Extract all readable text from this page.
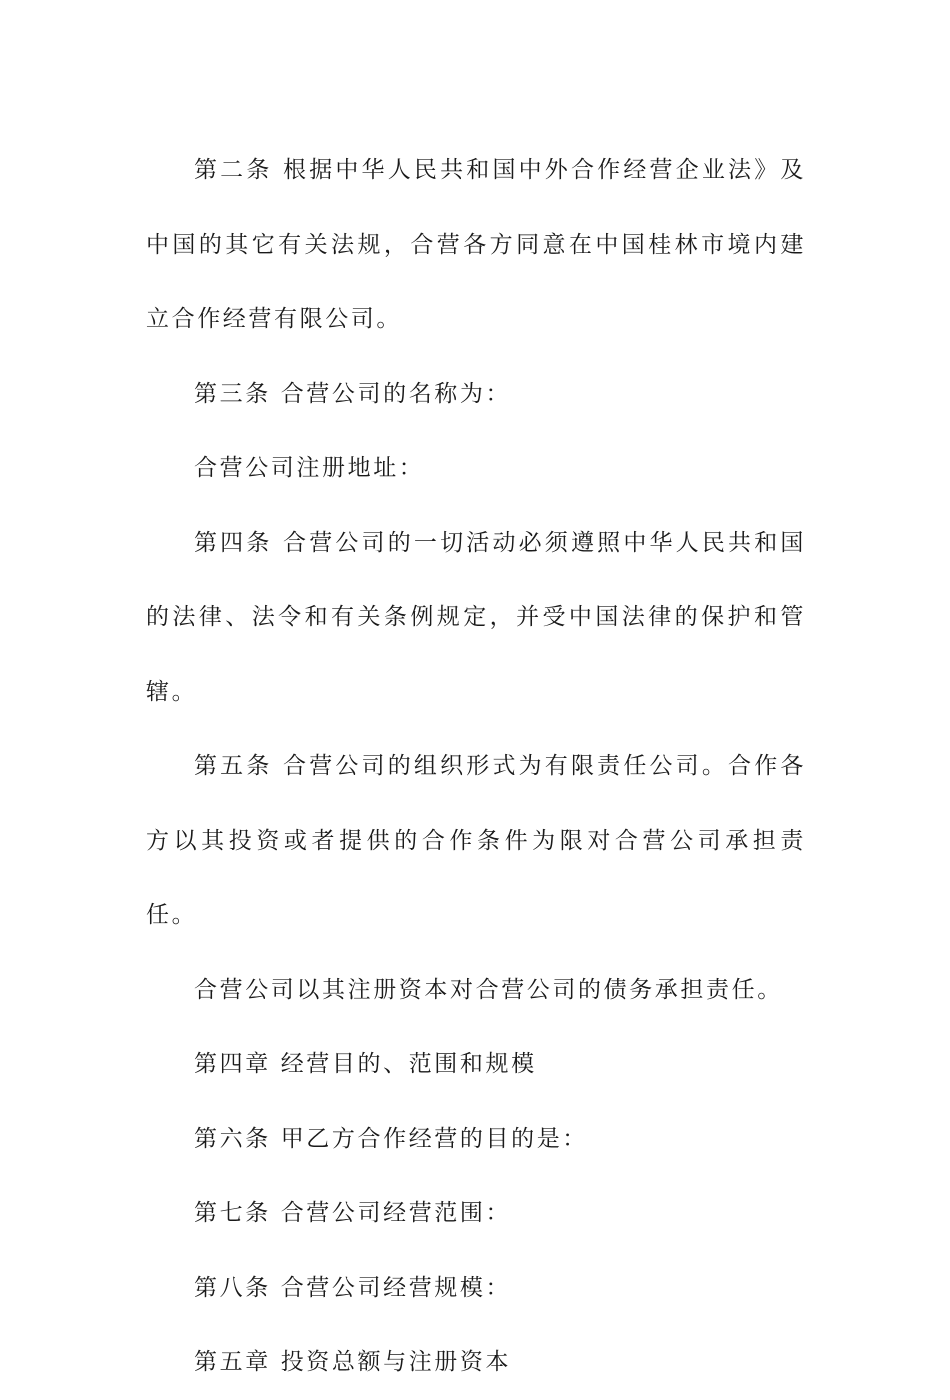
第二条 根据中华人民共和国中外合作经营企业法》及中国的其它有关法规，合营各方同意在中国桂林市境内建立合作经营有限公司。

第三条 合营公司的名称为：

合营公司注册地址：

第四条 合营公司的一切活动必须遵照中华人民共和国的法律、法令和有关条例规定，并受中国法律的保护和管辖。

第五条 合营公司的组织形式为有限责任公司。合作各方以其投资或者提供的合作条件为限对合营公司承担责任。

合营公司以其注册资本对合营公司的债务承担责任。

第四章 经营目的、范围和规模

第六条 甲乙方合作经营的目的是：

第七条 合营公司经营范围：

第八条 合营公司经营规模：

第五章 投资总额与注册资本
